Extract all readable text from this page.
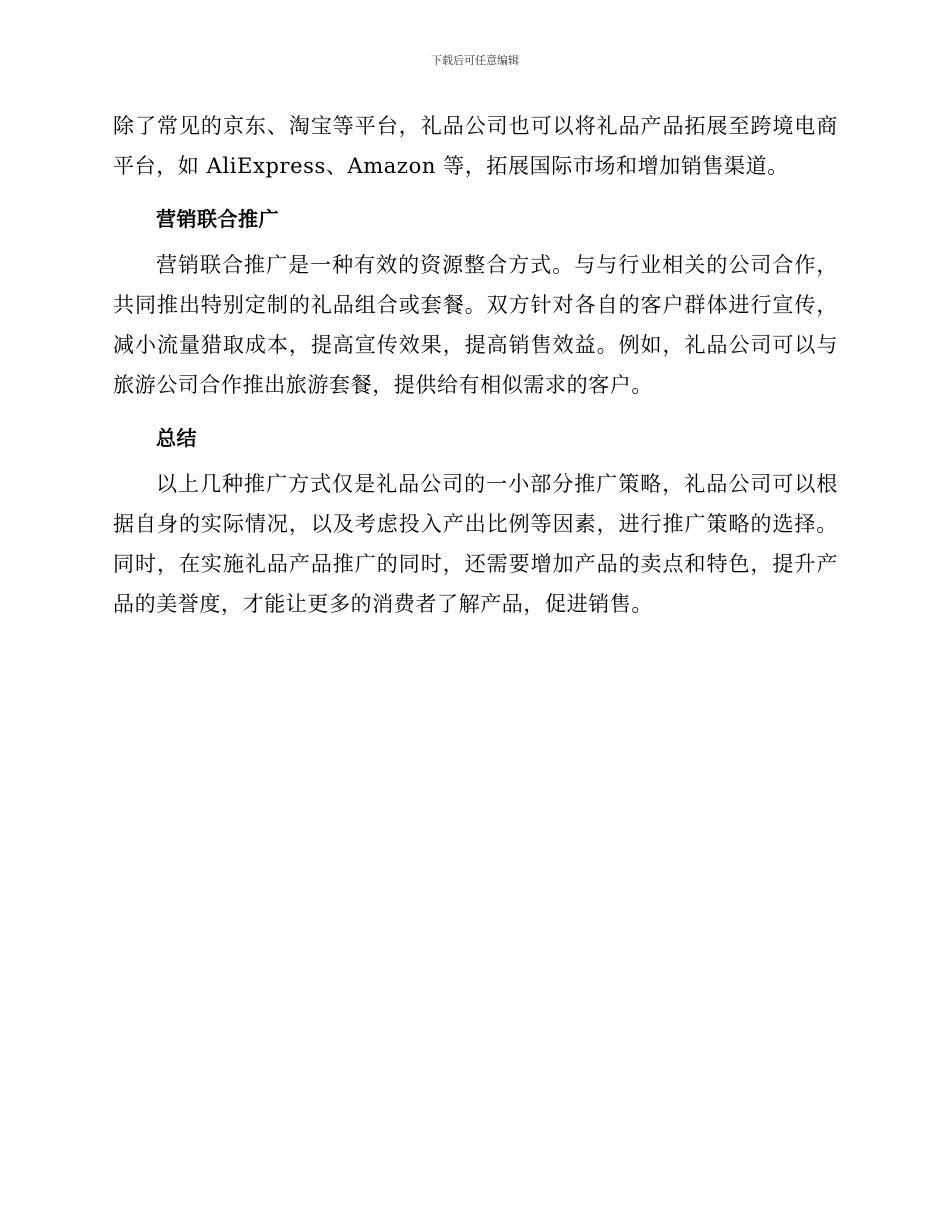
下载后可任意编辑

除了常见的京东、淘宝等平台，礼品公司也可以将礼品产品拓展至跨境电商平台，如 AliExpress、Amazon 等，拓展国际市场和增加销售渠道。

营销联合推广

营销联合推广是一种有效的资源整合方式。与与行业相关的公司合作，共同推出特别定制的礼品组合或套餐。双方针对各自的客户群体进行宣传，减小流量猎取成本，提高宣传效果，提高销售效益。例如，礼品公司可以与旅游公司合作推出旅游套餐，提供给有相似需求的客户。

总结

以上几种推广方式仅是礼品公司的一小部分推广策略，礼品公司可以根据自身的实际情况，以及考虑投入产出比例等因素，进行推广策略的选择。同时，在实施礼品产品推广的同时，还需要增加产品的卖点和特色，提升产品的美誉度，才能让更多的消费者了解产品，促进销售。
